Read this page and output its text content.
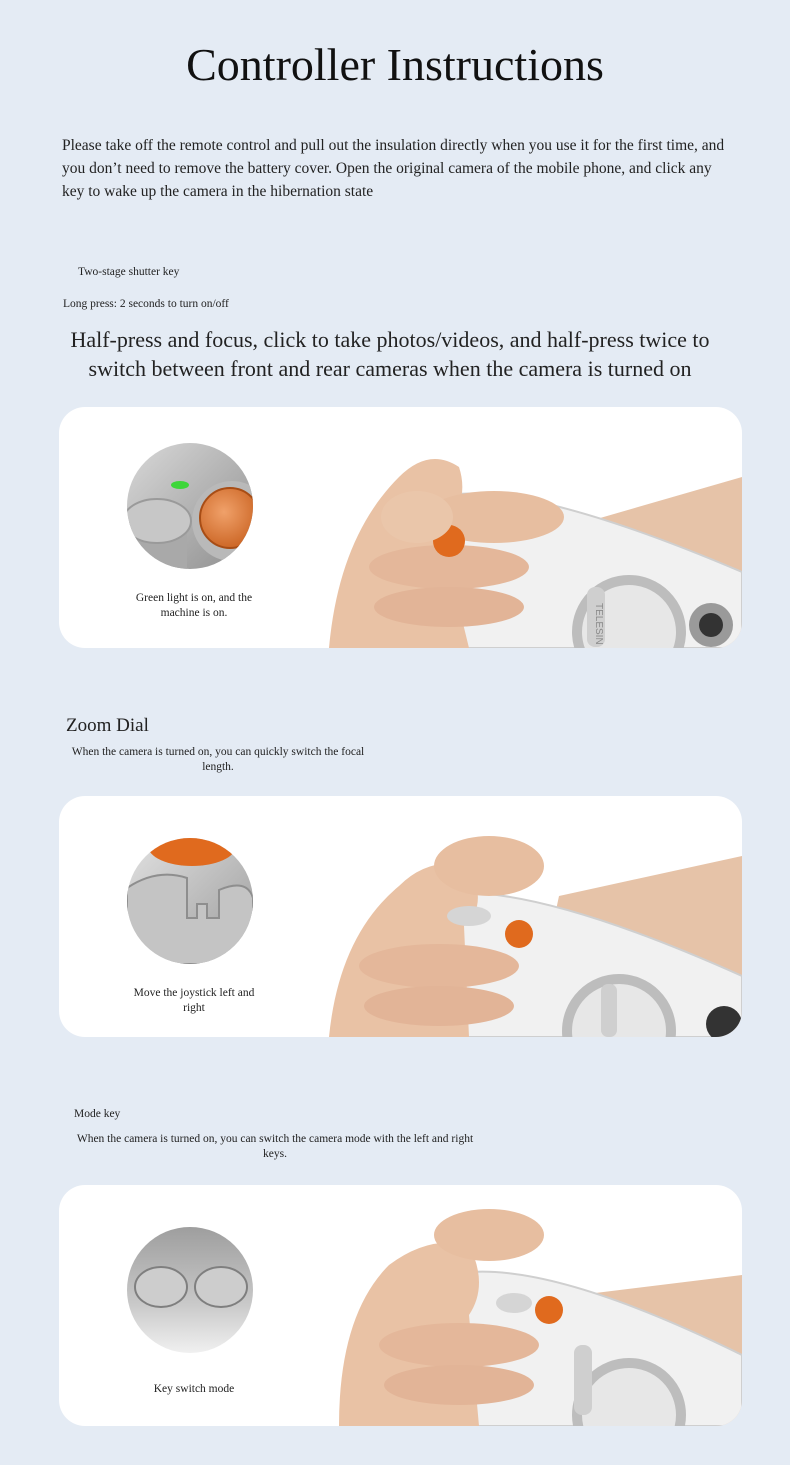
Controller Instructions
Please take off the remote control and pull out the insulation directly when you use it for the first time, and you don’t need to remove the battery cover. Open the original camera of the mobile phone, and click any key to wake up the camera in the hibernation state
Two-stage shutter key
Long press: 2 seconds to turn on/off
Half-press and focus, click to take photos/videos, and half-press twice to switch between front and rear cameras when the camera is turned on
Green light is on, and the
machine is on.	TELESIN
Zoom Dial
When the camera is turned on, you can quickly switch the focal
length.
Move the joystick left and
right
Mode key
When the camera is turned on, you can switch the camera mode with the left and right
keys.
Key switch mode
